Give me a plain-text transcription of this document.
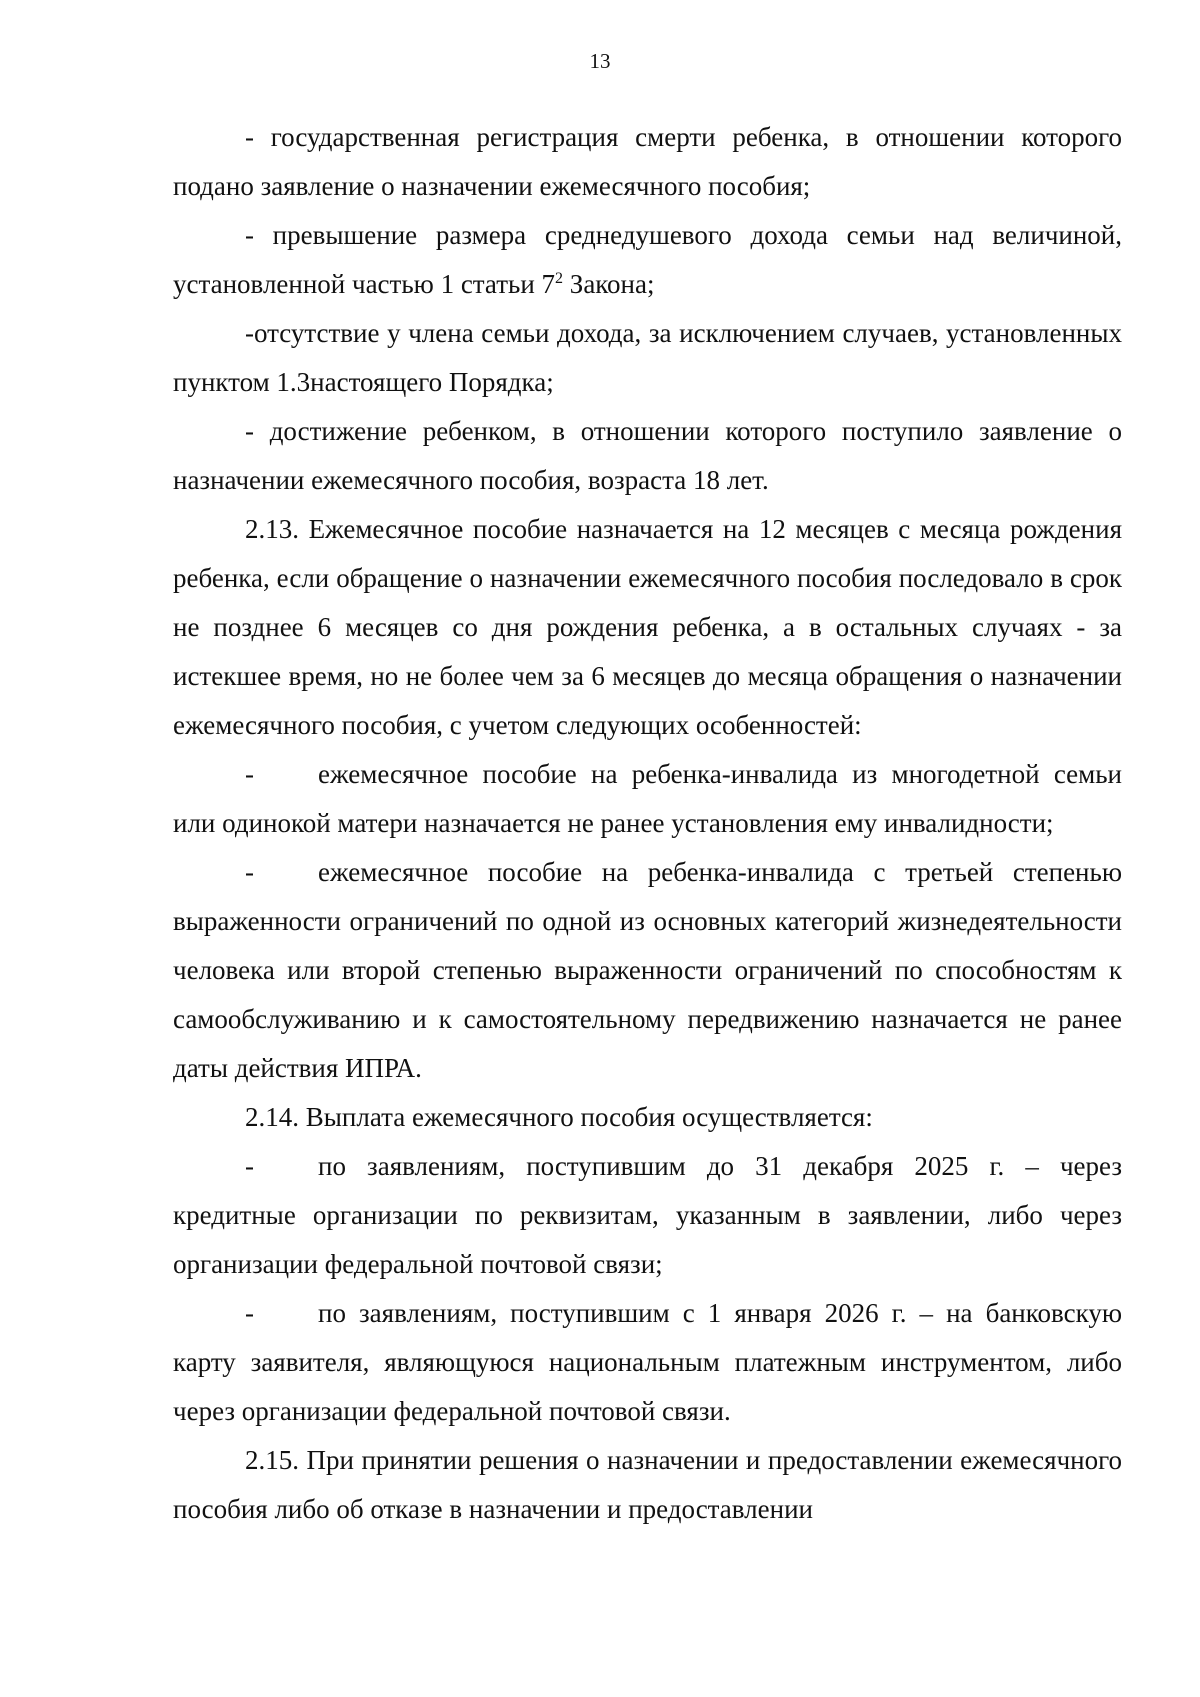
13

- государственная регистрация смерти ребенка, в отношении которого подано заявление о назначении ежемесячного пособия;

- превышение размера среднедушевого дохода семьи над величиной, установленной частью 1 статьи $7^2$ Закона;

-отсутствие у члена семьи дохода, за исключением случаев, установленных пунктом 1.3настоящего Порядка;

- достижение ребенком, в отношении которого поступило заявление о назначении ежемесячного пособия, возраста 18 лет.

2.13. Ежемесячное пособие назначается на 12 месяцев с месяца рождения ребенка, если обращение о назначении ежемесячного пособия последовало в срок не позднее 6 месяцев со дня рождения ребенка, а в остальных случаях - за истекшее время, но не более чем за 6 месяцев до месяца обращения о назначении ежемесячного пособия, с учетом следующих особенностей:

- ежемесячное пособие на ребенка-инвалида из многодетной семьи или одинокой матери назначается не ранее установления ему инвалидности;

- ежемесячное пособие на ребенка-инвалида с третьей степенью выраженности ограничений по одной из основных категорий жизнедеятельности человека или второй степенью выраженности ограничений по способностям к самообслуживанию и к самостоятельному передвижению назначается не ранее даты действия ИПРА.

2.14. Выплата ежемесячного пособия осуществляется:

- по заявлениям, поступившим до 31 декабря 2025 г. – через кредитные организации по реквизитам, указанным в заявлении, либо через организации федеральной почтовой связи;

- по заявлениям, поступившим с 1 января 2026 г. – на банковскую карту заявителя, являющуюся национальным платежным инструментом, либо через организации федеральной почтовой связи.

2.15. При принятии решения о назначении и предоставлении ежемесячного пособия либо об отказе в назначении и предоставлении
